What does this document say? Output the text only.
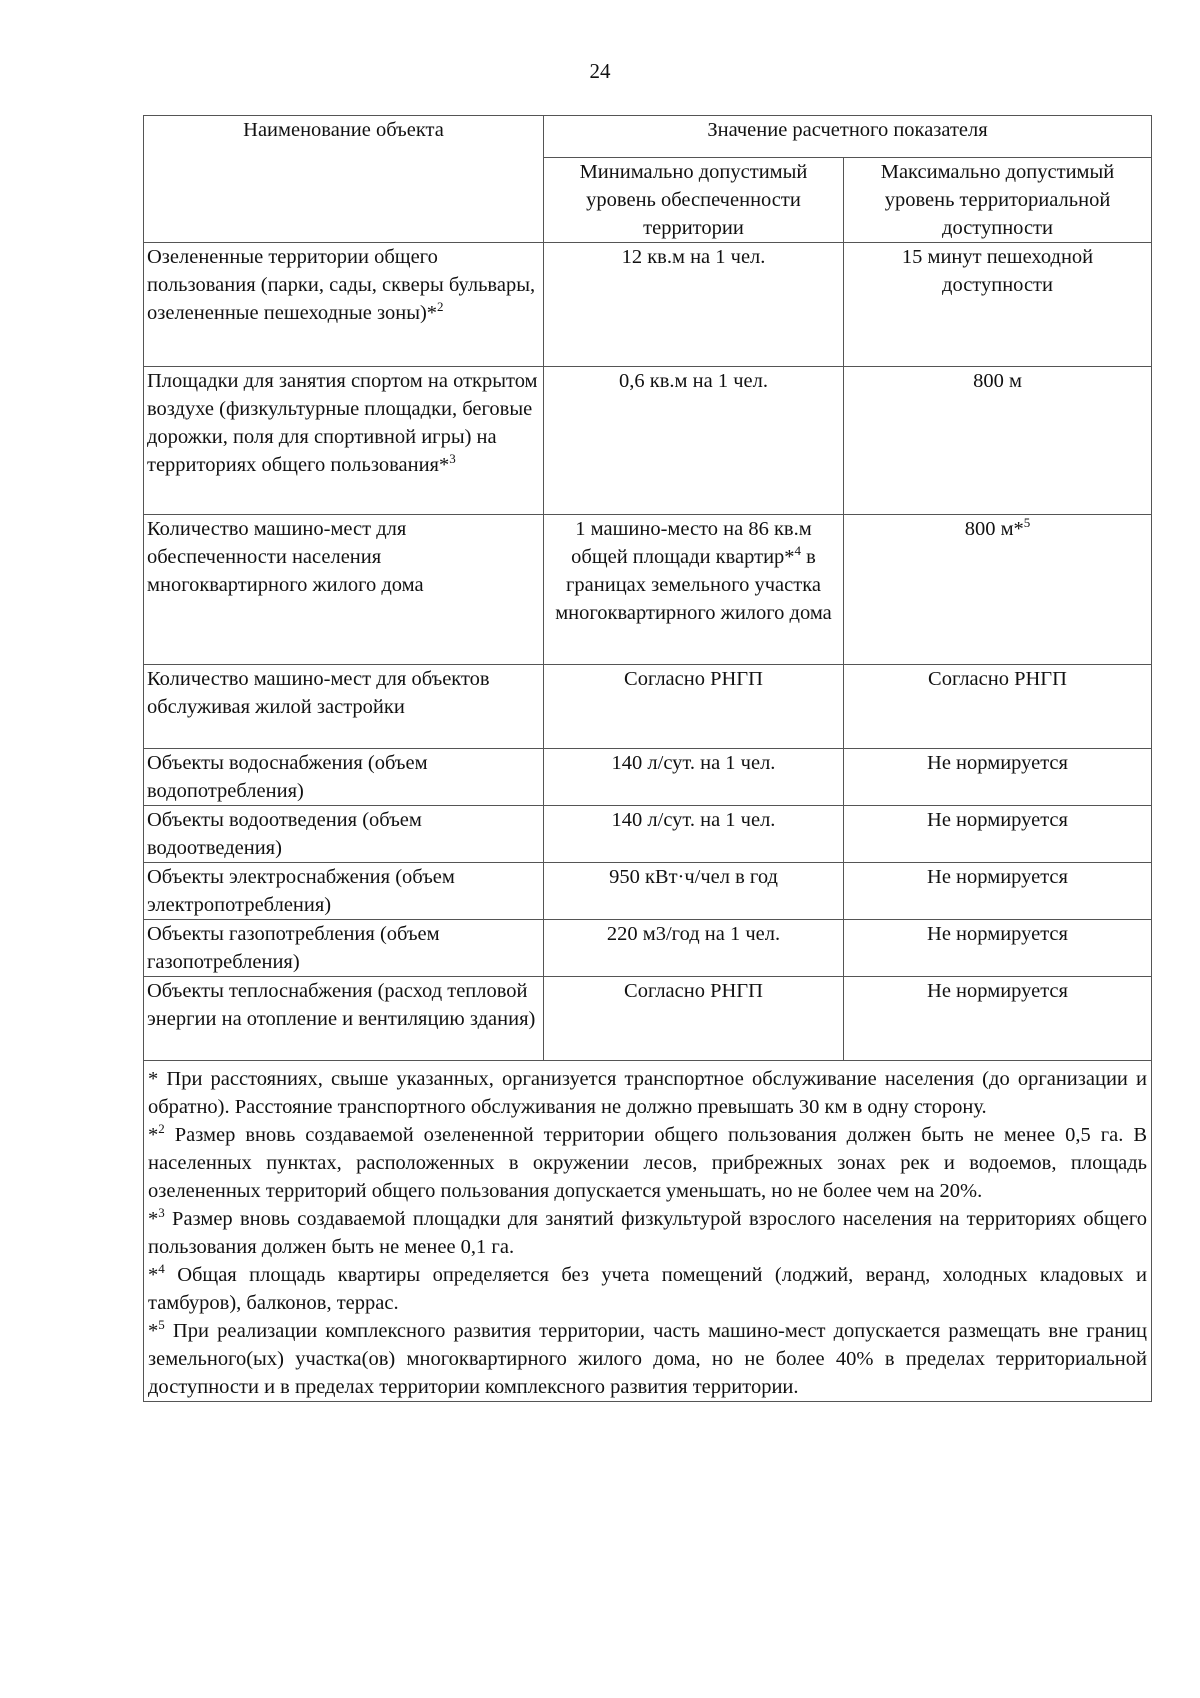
24
Наименование объекта	Значение расчетного показателя	
	Минимально допустимый уровень обеспеченности территории	Максимально допустимый уровень территориальной доступности
Озелененные территории общего пользования (парки, сады, скверы бульвары, озелененные пешеходные зоны)*$^2$	12 кв.м на 1 чел.	15 минут пешеходной доступности
Площадки для занятия спортом на открытом воздухе (физкультурные площадки, беговые дорожки, поля для спортивной игры) на территориях общего пользования*$^3$	0,6 кв.м на 1 чел.	800 м
Количество машино-мест для обеспеченности населения многоквартирного жилого дома	1 машино-место на 86 кв.м общей площади квартир*$^4$ в границах земельного участка многоквартирного жилого дома	800 м*$^5$
Количество машино-мест для объектов обслуживая жилой застройки	Согласно РНГП	Согласно РНГП
Объекты водоснабжения (объем водопотребления)	140 л/сут. на 1 чел.	Не нормируется
Объекты водоотведения (объем водоотведения)	140 л/сут. на 1 чел.	Не нормируется
Объекты электроснабжения (объем электропотребления)	950 кВт·ч/чел в год	Не нормируется
Объекты газопотребления (объем газопотребления)	220 м3/год на 1 чел.	Не нормируется
Объекты теплоснабжения (расход тепловой энергии на отопление и вентиляцию здания)	Согласно РНГП	Не нормируется

* При расстояниях, свыше указанных, организуется транспортное обслуживание населения (до организации и обратно). Расстояние транспортного обслуживания не должно превышать 30 км в одну сторону.

*$^2$ Размер вновь создаваемой озелененной территории общего пользования должен быть не менее 0,5 га. В населенных пунктах, расположенных в окружении лесов, прибрежных зонах рек и водоемов, площадь озелененных территорий общего пользования допускается уменьшать, но не более чем на 20%.

*$^3$ Размер вновь создаваемой площадки для занятий физкультурой взрослого населения на территориях общего пользования должен быть не менее 0,1 га.

*$^4$ Общая площадь квартиры определяется без учета помещений (лоджий, веранд, холодных кладовых и тамбуров), балконов, террас.

*$^5$ При реализации комплексного развития территории, часть машино-мест допускается размещать вне границ земельного(ых) участка(ов) многоквартирного жилого дома, но не более 40% в пределах территориальной доступности и в пределах территории комплексного развития территории.		
